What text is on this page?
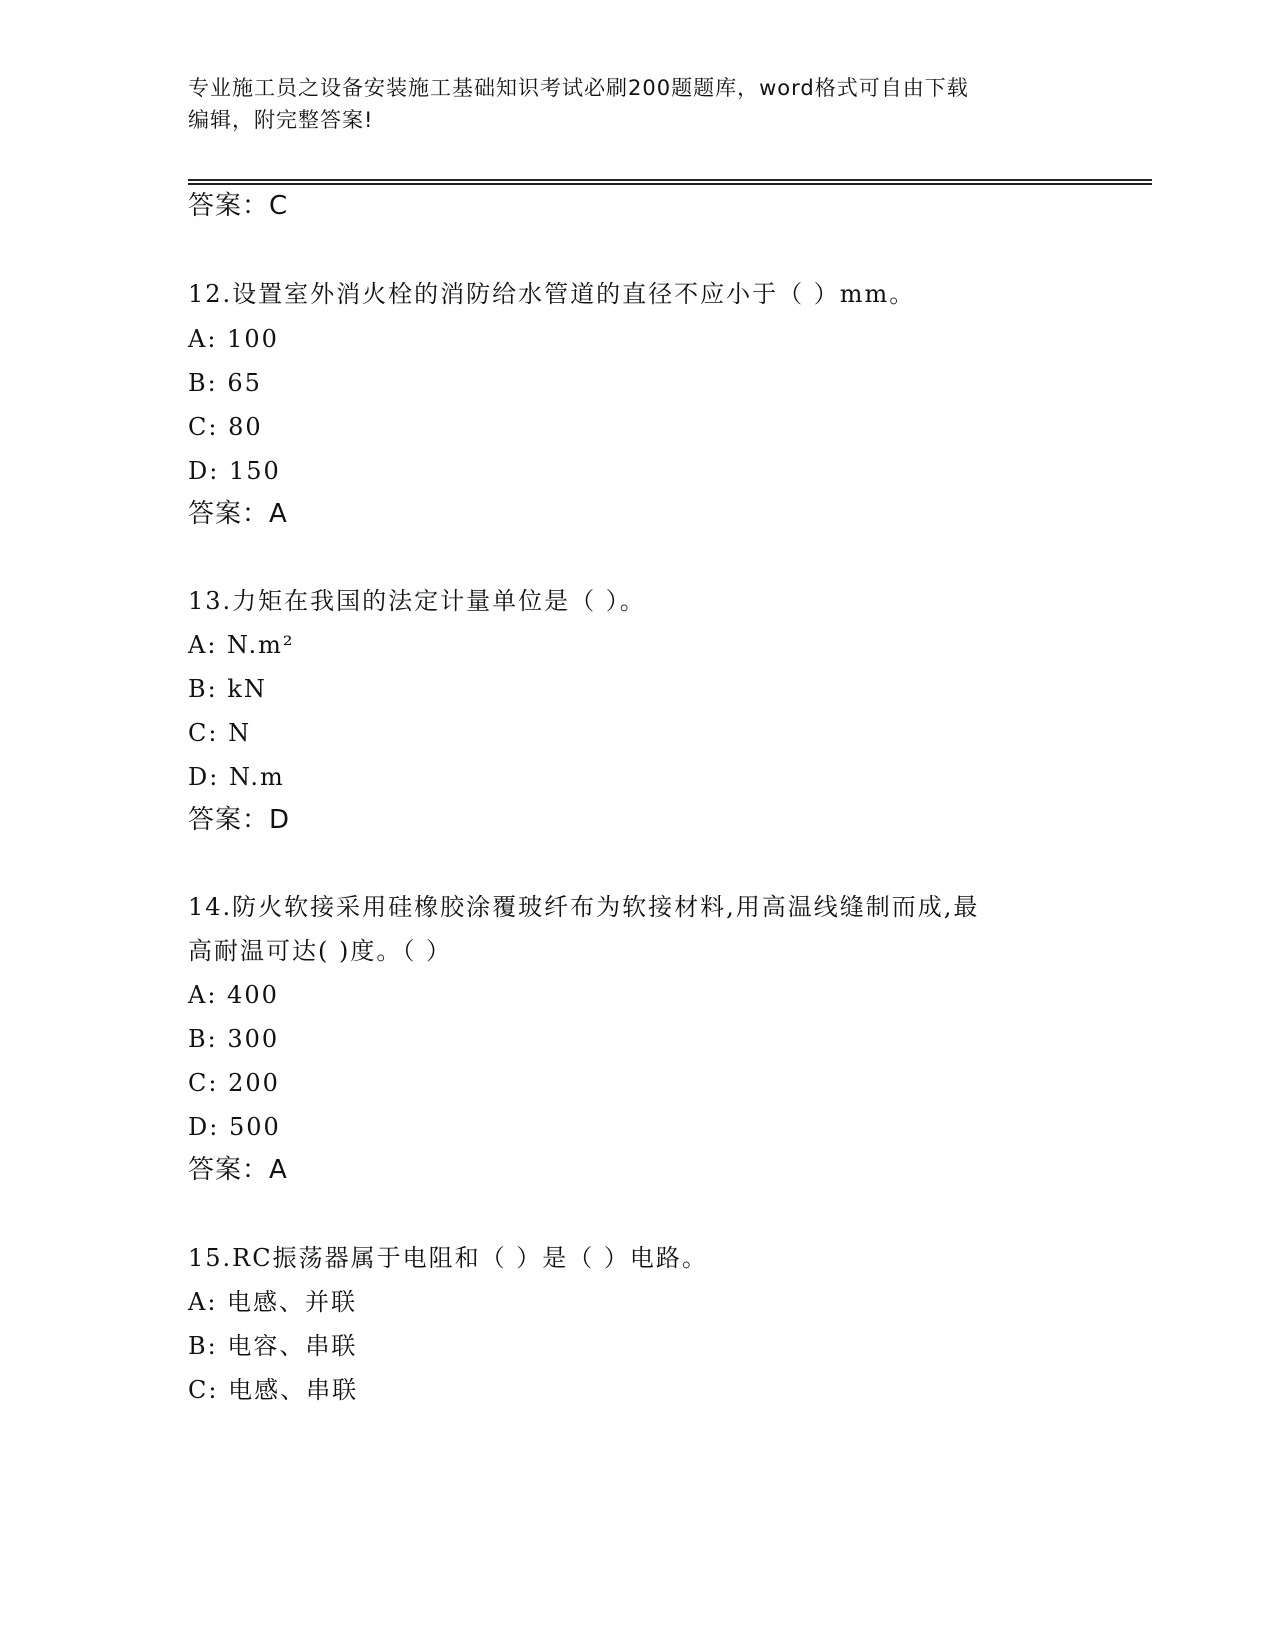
专业施工员之设备安装施工基础知识考试必刷200题题库，word格式可自由下载
编辑，附完整答案!
答案：C
12.设置室外消火栓的消防给水管道的直径不应小于（ ）mm。
A: 100
B: 65
C: 80
D: 150
答案：A
13.力矩在我国的法定计量单位是（ ）。
A: N.m²
B: kN
C: N
D: N.m
答案：D
14.防火软接采用硅橡胶涂覆玻纤布为软接材料,用高温线缝制而成,最
高耐温可达( )度。（ ）
A: 400
B: 300
C: 200
D: 500
答案：A
15.RC振荡器属于电阻和（ ）是（ ）电路。
A: 电感、并联
B: 电容、串联
C: 电感、串联
